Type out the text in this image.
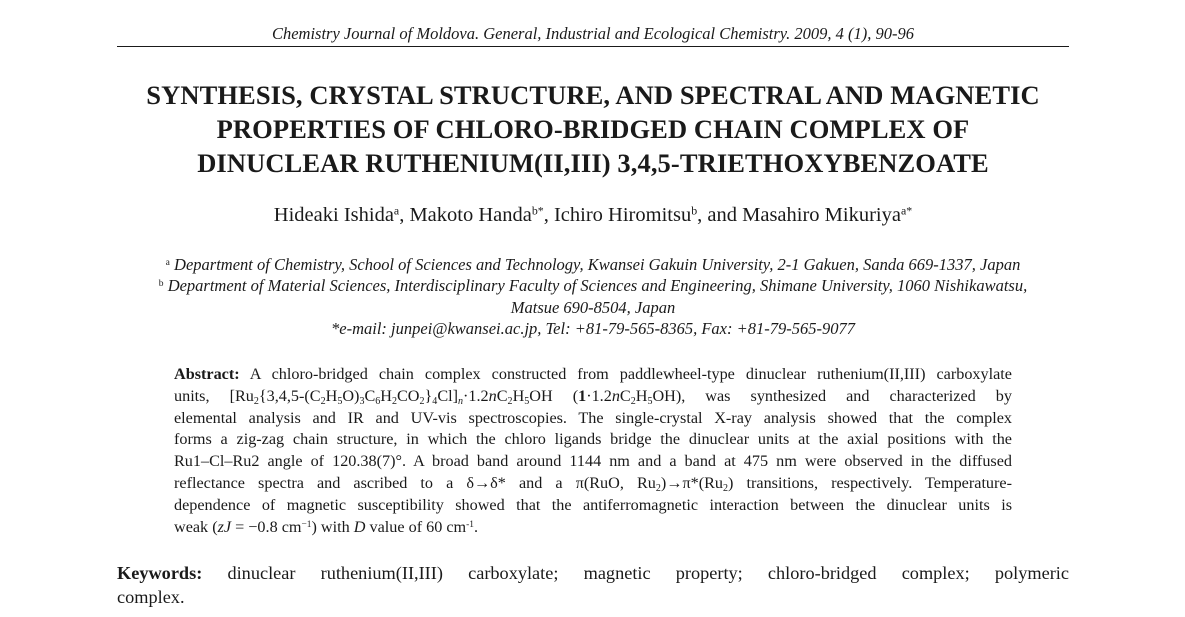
Chemistry Journal of Moldova. General, Industrial and Ecological Chemistry. 2009, 4 (1), 90-96
SYNTHESIS, CRYSTAL STRUCTURE, AND SPECTRAL AND MAGNETIC
PROPERTIES OF CHLORO-BRIDGED CHAIN COMPLEX OF
DINUCLEAR RUTHENIUM(II,III) 3,4,5-TRIETHOXYBENZOATE
Hideaki Ishida$^a$, Makoto Handa$^{b*}$, Ichiro Hiromitsu$^b$, and Masahiro Mikuriya$^{a*}$
$^a$ Department of Chemistry, School of Sciences and Technology, Kwansei Gakuin University, 2-1 Gakuen, Sanda 669-1337, Japan
$^b$ Department of Material Sciences, Interdisciplinary Faculty of Sciences and Engineering, Shimane University, 1060 Nishikawatsu,
Matsue 690-8504, Japan
*e-mail: junpei@kwansei.ac.jp, Tel: +81-79-565-8365, Fax: +81-79-565-9077
Abstract: A chloro-bridged chain complex constructed from paddlewheel-type dinuclear ruthenium(II,III) carboxylate
units, $[Ru_2\{3,4,5-(C_2H_5O)_3C_6H_2CO_2\}_4Cl]_n\cdot 1.2nC_2H_5OH$ $(1\cdot 1.2nC_2H_5OH)$, was synthesized and characterized by
elemental analysis and IR and UV-vis spectroscopies. The single-crystal X-ray analysis showed that the complex
forms a zig-zag chain structure, in which the chloro ligands bridge the dinuclear units at the axial positions with the
Ru1–Cl–Ru2 angle of 120.38(7)°. A broad band around 1144 nm and a band at 475 nm were observed in the diffused
reflectance spectra and ascribed to a δ→δ* and a π(RuO, $Ru_2)\to\pi*(Ru_2)$ transitions, respectively. Temperature-
dependence of magnetic susceptibility showed that the antiferromagnetic interaction between the dinuclear units is
weak (zJ = −0.8 $cm^{-1}$) with D value of 60 $cm^{-1}$.
Keywords: dinuclear ruthenium(II,III) carboxylate; magnetic property; chloro-bridged complex; polymeric
complex.
